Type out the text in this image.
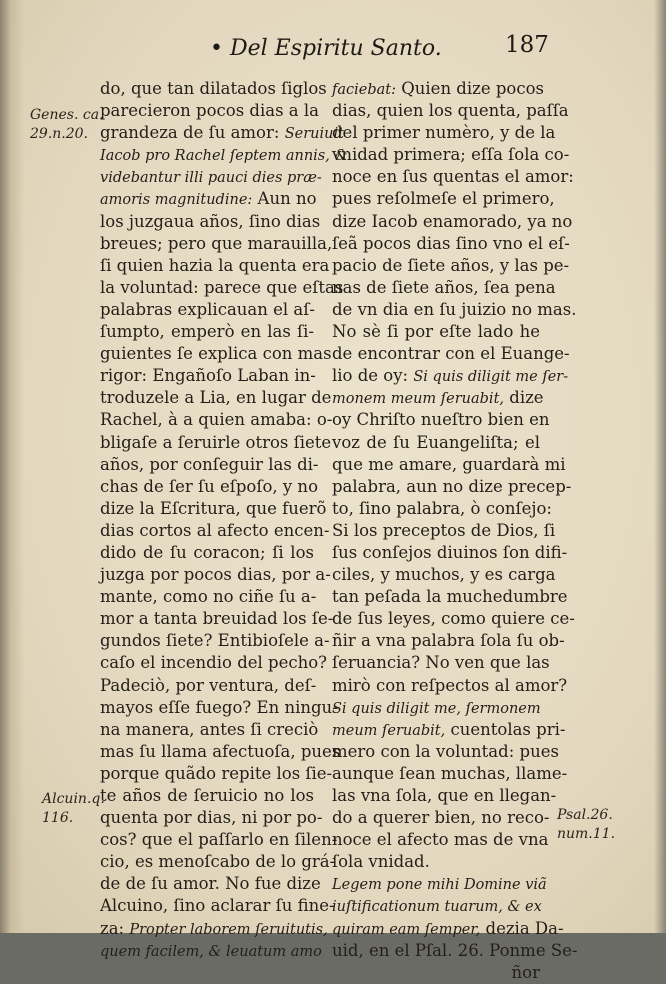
• Del Espiritu Santo.	187
Genes. ca.
29.n.20.
Alcuin.q.
116.	Psal.26.
num.11.
do, que tan dilatados ſiglos
parecieron pocos dias a la
grandeza de ſu amor: Seruiuit
Iacob pro Rachel ſeptem annis, &
videbantur illi pauci dies præ-
amoris magnitudine: Aun no
los juzgaua años, ſino dias
breues; pero que marauilla,
ſi quien hazia la quenta era
la voluntad: parece que eſtas
palabras explicauan el aſ-
ſumpto, emperò en las ſi-
guientes ſe explica con mas
rigor: Engañoſo Laban in-
troduzele a Lia, en lugar de
Rachel, à a quien amaba: o-
bligaſe a ſeruirle otros ſiete
años, por conſeguir las di-
chas de ſer ſu eſpoſo, y no
dize la Eſcritura, que fuerõ
dias cortos al afecto encen-
dido de ſu coracon; ſi los
juzga por pocos dias, por a-
mante, como no ciñe ſu a-
mor a tanta breuidad los ſe-
gundos ſiete? Entibioſele a-
caſo el incendio del pecho?
Padeciò, por ventura, deſ-
mayos eſſe fuego? En ningu-
na manera, antes ſi creciò
mas ſu llama afectuoſa, pues
porque quãdo repite los ſie-
te años de ſeruicio no los
quenta por dias, ni por po-
cos? que el paſſarlo en ſilen-
cio, es menoſcabo de lo grá-
de de ſu amor. No fue dize
Alcuino, ſino aclarar ſu fine-
za: Propter laborem ſeruitutis,
quem facilem, & leuatum amo
faciebat: Quien dize pocos
dias, quien los quenta, paſſa
del primer numèro, y de la
vnidad primera; eſſa ſola co-
noce en ſus quentas el amor:
pues reſolmeſe el primero,
dize Iacob enamorado, ya no
ſeã pocos dias ſino vno el eſ-
pacio de ſiete años, y las pe-
nas de ſiete años, ſea pena
de vn dia en ſu juizio no mas.
No sè ſi por eſte lado he
de encontrar con el Euange-
lio de oy: Si quis diligit me ſer-
monem meum ſeruabit, dize
oy Chriſto nueſtro bien en
voz de ſu Euangeliſta; el
que me amare, guardarà mi
palabra, aun no dize precep-
to, ſino palabra, ò conſejo:
Si los preceptos de Dios, ſi
ſus conſejos diuinos ſon difi-
ciles, y muchos, y es carga
tan peſada la muchedumbre
de ſus leyes, como quiere ce-
ñir a vna palabra ſola ſu ob-
ſeruancia? No ven que las
mirò con reſpectos al amor?
Si quis diligit me, ſermonem
meum ſeruabit, cuentolas pri-
mero con la voluntad: pues
aunque ſean muchas, llame-
las vna ſola, que en llegan-
do a querer bien, no reco-
noce el afecto mas de vna
ſola vnidad.
Legem pone mihi Domine viã
iuſtificationum tuarum, & ex
quiram eam ſemper, dezia Da-
uid, en el Pſal. 26. Ponme Se-
ñor
